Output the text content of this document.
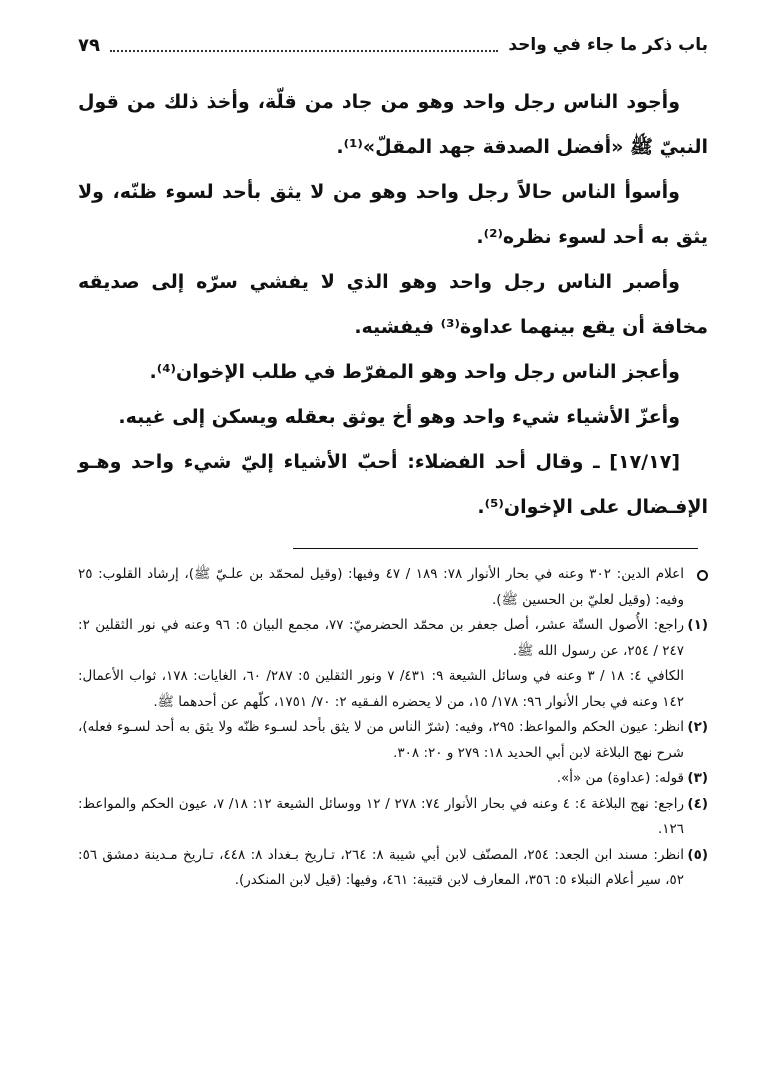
باب ذكر ما جاء في واحد
٧٩

وأجود الناس رجل واحد وهو من جاد من قلّة، وأخذ ذلك من قول النبيّ ﷺ «أفضل الصدقة جهد المقلّ»⁽¹⁾.

وأسوأ الناس حالاً رجل واحد وهو من لا يثق بأحد لسوء ظنّه، ولا يثق به أحد لسوء نظره⁽²⁾.

وأصبر الناس رجل واحد وهو الذي لا يفشي سرّه إلى صديقه مخافة أن يقع بينهما عداوة⁽³⁾ فيفشيه.

وأعجز الناس رجل واحد وهو المفرّط في طلب الإخوان⁽⁴⁾.

وأعزّ الأشياء شيء واحد وهو أخ يوثق بعقله ويسكن إلى غيبه.

[١٧/١٧] ـ وقال أحد الفضلاء: أحبّ الأشياء إليّ شيء واحد وهـو الإفـضال على الإخوان⁽⁵⁾.

اعلام الدين: ٣٠٢ وعنه في بحار الأنوار ٧٨: ١٨٩ / ٤٧ وفيها: (وقيل لمحمّد بن علـيّ ﷺ)، إرشاد القلوب: ٢٥ وفيه: (وقيل لعليّ بن الحسين ﷺ).
(١)
راجع: الأُصول الستّة عشر، أصل جعفر بن محمّد الحضرميّ: ٧٧، مجمع البيان ٥: ٩٦ وعنه في نور الثقلين ٢: ٢٤٧ / ٢٥٤، عن رسول الله ﷺ.

الكافي ٤: ١٨ / ٣ وعنه في وسائل الشيعة ٩: ٤٣١/ ٧ ونور الثقلين ٥: ٢٨٧/ ٦٠، الغايات: ١٧٨، ثواب الأعمال: ١٤٢ وعنه في بحار الأنوار ٩٦: ١٧٨/ ١٥، من لا يحضره الفـقيه ٢: ٧٠/ ١٧٥١، كلّهم عن أحدهما ﷺ.

(٢)
انظر: عيون الحكم والمواعظ: ٢٩٥، وفيه: (شرّ الناس من لا يثق بأحد لسـوء ظنّه ولا يثق به أحد لسـوء فعله)، شرح نهج البلاغة لابن أبي الحديد ١٨: ٢٧٩ و ٢٠: ٣٠٨.
(٣)
قوله: (عداوة) من «أ».
(٤)
راجع: نهج البلاغة ٤: ٤ وعنه في بحار الأنوار ٧٤: ٢٧٨ / ١٢ ووسائل الشيعة ١٢: ١٨/ ٧، عيون الحكم والمواعظ: ١٢٦.
(٥)
انظر: مسند ابن الجعد: ٢٥٤، المصنّف لابن أبي شيبة ٨: ٢٦٤، تـاريخ بـغداد ٨: ٤٤٨، تـاريخ مـدينة دمشق ٥٦: ٥٢، سير أعلام النبلاء ٥: ٣٥٦، المعارف لابن قتيبة: ٤٦١، وفيها: (قيل لابن المنكدر).
